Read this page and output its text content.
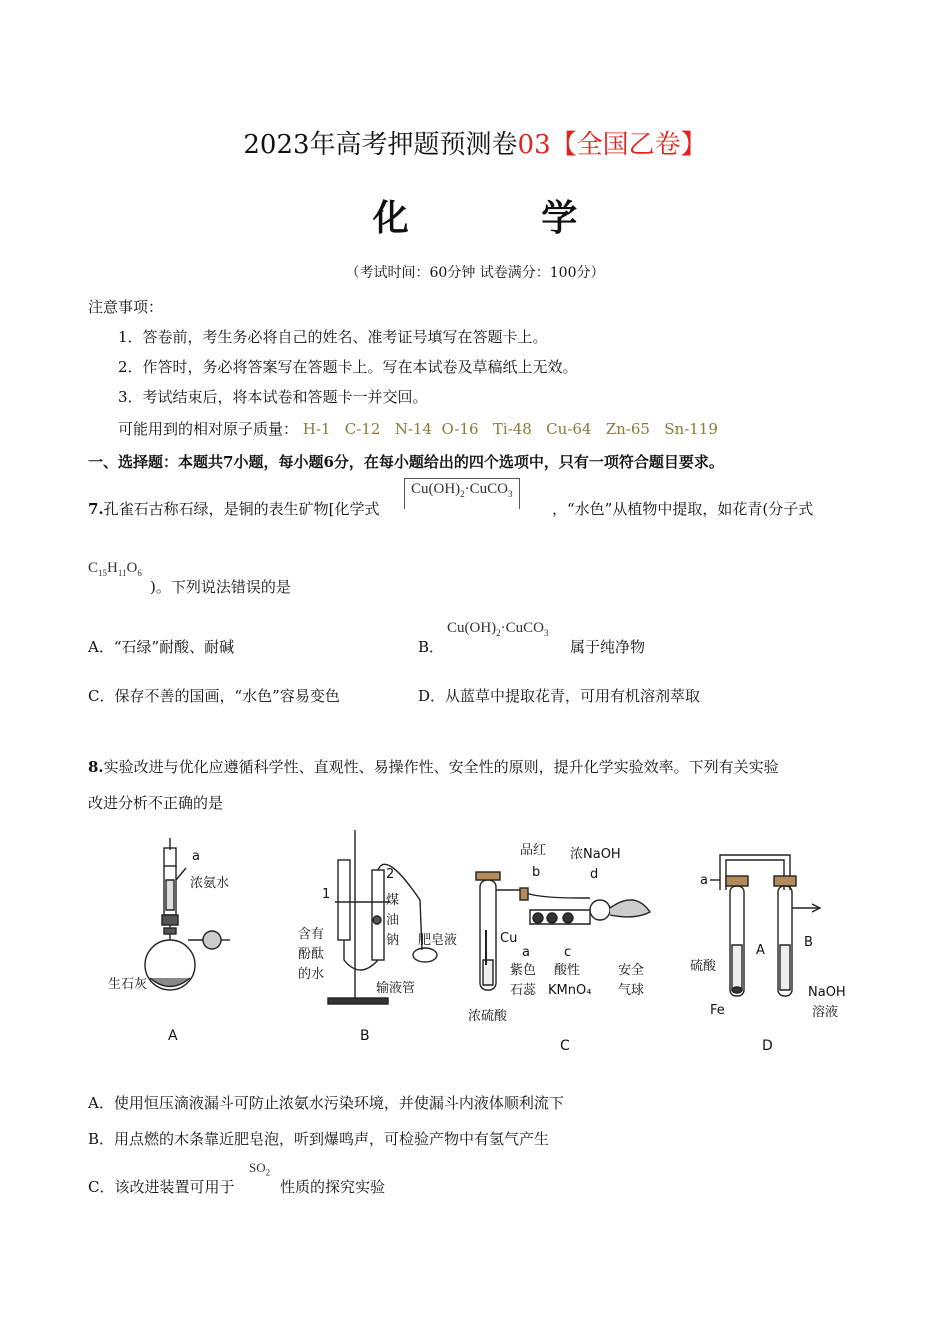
2023年高考押题预测卷03【全国乙卷】
化 学
（考试时间：60分钟 试卷满分：100分）
注意事项：
1．答卷前，考生务必将自己的姓名、准考证号填写在答题卡上。
2．作答时，务必将答案写在答题卡上。写在本试卷及草稿纸上无效。
3．考试结束后，将本试卷和答题卡一并交回。
可能用到的相对原子质量： H-1   C-12   N-14  O-16   Ti-48   Cu-64   Zn-65   Sn-119
一、选择题：本题共7小题，每小题6分，在每小题给出的四个选项中，只有一项符合题目要求。
7.孔雀石古称石绿，是铜的表生矿物[化学式
$Cu(OH)_2\cdot CuCO_3$
，“水色”从植物中提取，如花青(分子式
$C_{15}H_{11}O_6$
)。下列说法错误的是
A．“石绿”耐酸、耐碱	B．
$Cu(OH)_2\cdot CuCO_3$
属于纯净物
C．保存不善的国画，“水色”容易变色	D．从蓝草中提取花青，可用有机溶剂萃取
8.实验改进与优化应遵循科学性、直观性、易操作性、安全性的原则，提升化学实验效率。下列有关实验
改进分析不正确的是
a
浓氨水
生石灰
A
1
2
煤
油
钠 肥皂液
含有
酚酞
的水
输液管
B
品红 浓NaOH
b	d
Cu
a	c
紫色
石蕊
酸性
KMnO₄
安全
气球
浓硫酸
C
a
A
B
硫酸
Fe
NaOH
溶液
D
A．使用恒压滴液漏斗可防止浓氨水污染环境，并使漏斗内液体顺利流下
B．用点燃的木条靠近肥皂泡，听到爆鸣声，可检验产物中有氢气产生
C．该改进装置可用于
$SO_2$
性质的探究实验
